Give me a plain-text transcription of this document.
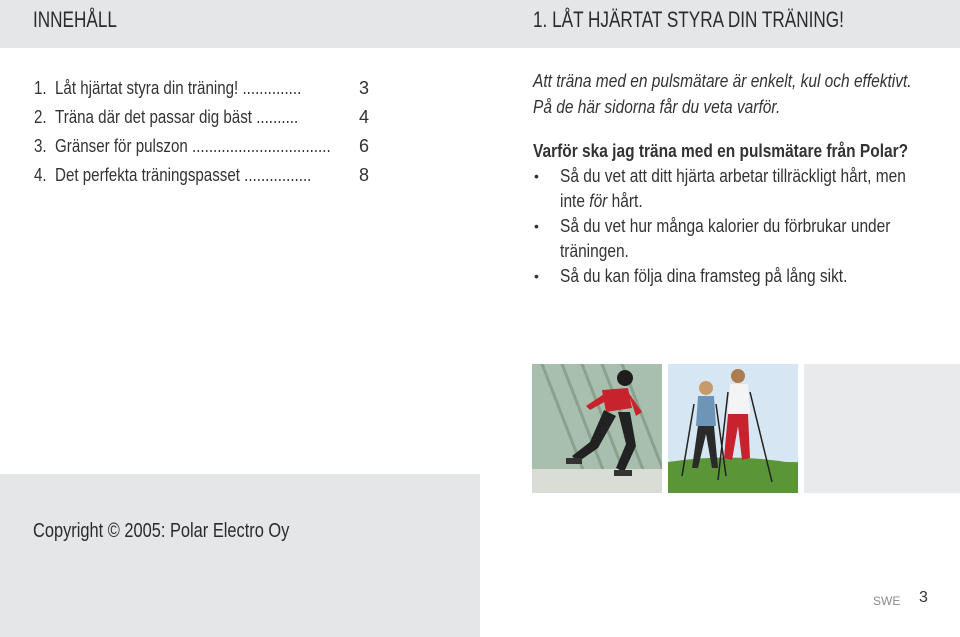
INNEHÅLL	1. LÅT HJÄRTAT STYRA DIN TRÄNING!
1. Låt hjärtat styra din träning! ..............	3
2. Träna där det passar dig bäst ..........	4
3. Gränser för pulszon ................................. 6
4. Det perfekta träningspasset ................	8
Att träna med en pulsmätare är enkelt, kul och effektivt. På de här sidorna får du veta varför.
Varför ska jag träna med en pulsmätare från Polar?
• Så du vet att ditt hjärta arbetar tillräckligt hårt, men inte för hårt.
• Så du vet hur många kalorier du förbrukar under träningen.
• Så du kan följa dina framsteg på lång sikt.
Copyright © 2005: Polar Electro Oy
SWE 3
